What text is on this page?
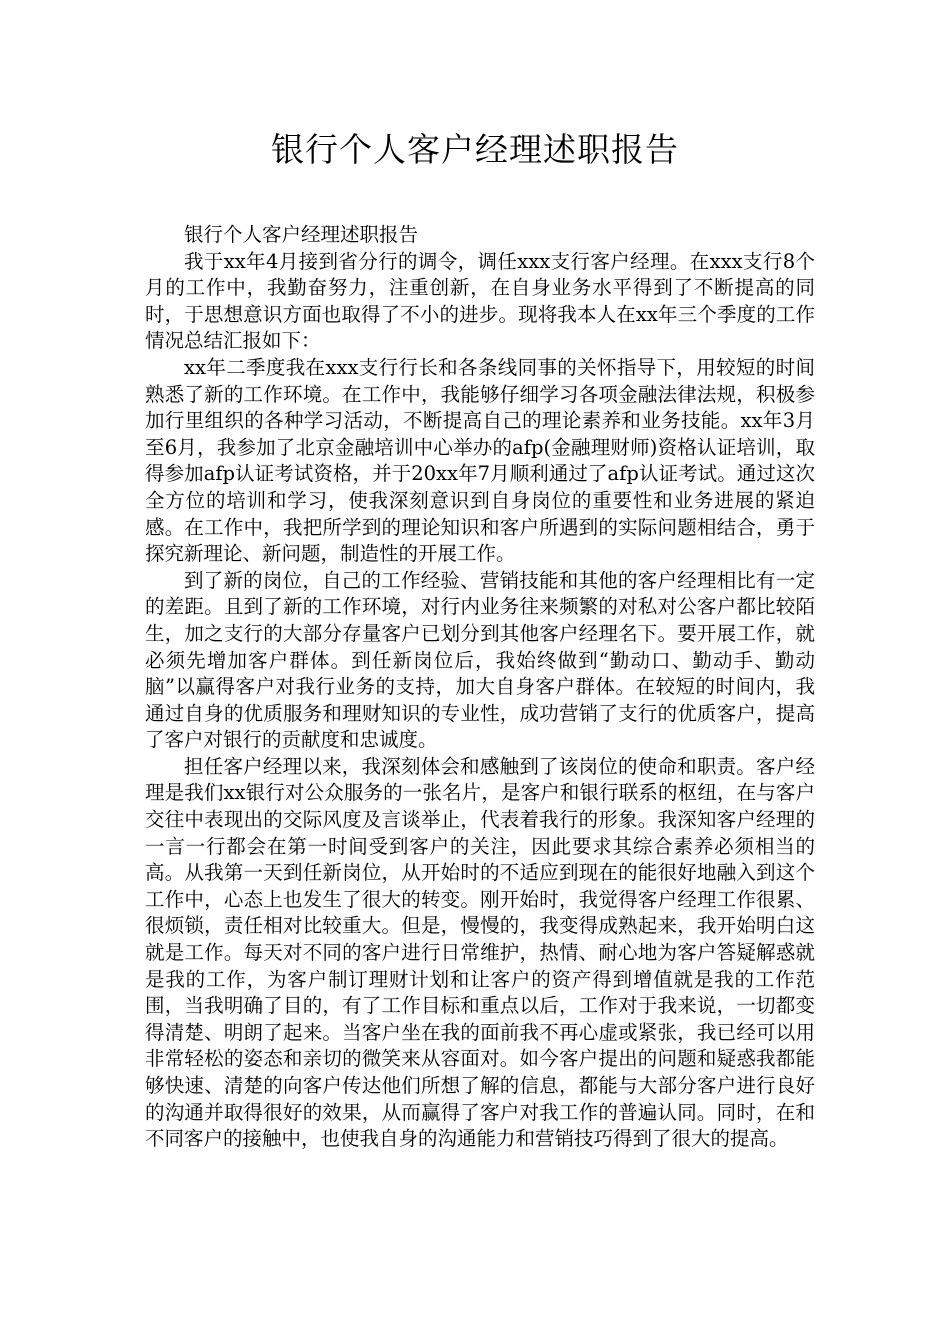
银行个人客户经理述职报告

银行个人客户经理述职报告

我于xx年4月接到省分行的调令，调任xxx支行客户经理。在xxx支行8个月的工作中，我勤奋努力，注重创新，在自身业务水平得到了不断提高的同时，于思想意识方面也取得了不小的进步。现将我本人在xx年三个季度的工作情况总结汇报如下：

xx年二季度我在xxx支行行长和各条线同事的关怀指导下，用较短的时间熟悉了新的工作环境。在工作中，我能够仔细学习各项金融法律法规，积极参加行里组织的各种学习活动，不断提高自己的理论素养和业务技能。xx年3月至6月，我参加了北京金融培训中心举办的afp(金融理财师)资格认证培训，取得参加afp认证考试资格，并于20xx年7月顺利通过了afp认证考试。通过这次全方位的培训和学习，使我深刻意识到自身岗位的重要性和业务进展的紧迫感。在工作中，我把所学到的理论知识和客户所遇到的实际问题相结合，勇于探究新理论、新问题，制造性的开展工作。

到了新的岗位，自己的工作经验、营销技能和其他的客户经理相比有一定的差距。且到了新的工作环境，对行内业务往来频繁的对私对公客户都比较陌生，加之支行的大部分存量客户已划分到其他客户经理名下。要开展工作，就必须先增加客户群体。到任新岗位后，我始终做到“勤动口、勤动手、勤动脑”以赢得客户对我行业务的支持，加大自身客户群体。在较短的时间内，我通过自身的优质服务和理财知识的专业性，成功营销了支行的优质客户，提高了客户对银行的贡献度和忠诚度。

担任客户经理以来，我深刻体会和感触到了该岗位的使命和职责。客户经理是我们xx银行对公众服务的一张名片，是客户和银行联系的枢纽，在与客户交往中表现出的交际风度及言谈举止，代表着我行的形象。我深知客户经理的一言一行都会在第一时间受到客户的关注，因此要求其综合素养必须相当的高。从我第一天到任新岗位，从开始时的不适应到现在的能很好地融入到这个工作中，心态上也发生了很大的转变。刚开始时，我觉得客户经理工作很累、很烦锁，责任相对比较重大。但是，慢慢的，我变得成熟起来，我开始明白这就是工作。每天对不同的客户进行日常维护，热情、耐心地为客户答疑解惑就是我的工作，为客户制订理财计划和让客户的资产得到增值就是我的工作范围，当我明确了目的，有了工作目标和重点以后，工作对于我来说，一切都变得清楚、明朗了起来。当客户坐在我的面前我不再心虚或紧张，我已经可以用非常轻松的姿态和亲切的微笑来从容面对。如今客户提出的问题和疑惑我都能够快速、清楚的向客户传达他们所想了解的信息，都能与大部分客户进行良好的沟通并取得很好的效果，从而赢得了客户对我工作的普遍认同。同时，在和不同客户的接触中，也使我自身的沟通能力和营销技巧得到了很大的提高。
